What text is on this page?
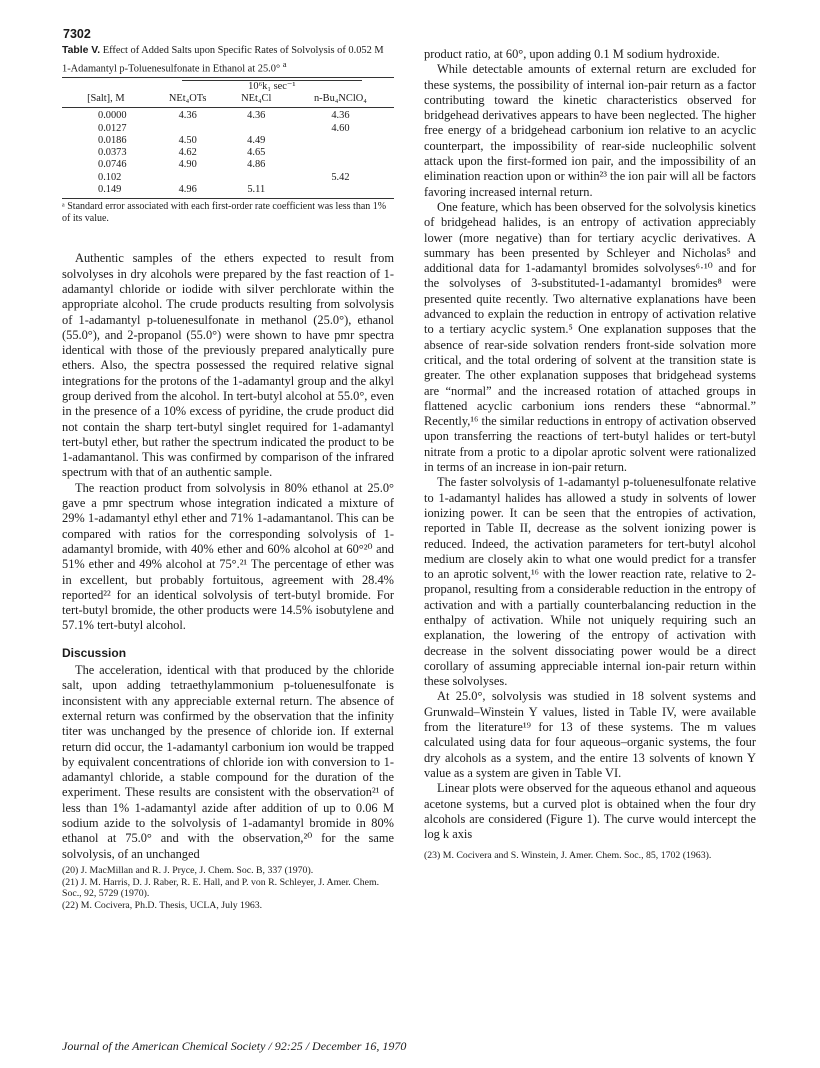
7302
Table V. Effect of Added Salts upon Specific Rates of Solvolysis of 0.052 M 1-Adamantyl p-Toluenesulfonate in Ethanol at 25.0° $^a$
	10⁶k₁ sec⁻¹		
[Salt], M	NEt₄OTs	NEt₄Cl	n-Bu₄NClO₄
0.0000	4.36	4.36	4.36
0.0127			4.60
0.0186	4.50	4.49	
0.0373	4.62	4.65	
0.0746	4.90	4.86	
0.102			5.42
0.149	4.96	5.11	
ᵃ Standard error associated with each first-order rate coefficient was less than 1% of its value.

Authentic samples of the ethers expected to result from solvolyses in dry alcohols were prepared by the fast reaction of 1-adamantyl chloride or iodide with silver perchlorate within the appropriate alcohol. The crude products resulting from solvolysis of 1-adamantyl p-toluenesulfonate in methanol (25.0°), ethanol (55.0°), and 2-propanol (55.0°) were shown to have pmr spectra identical with those of the previously prepared analytically pure ethers. Also, the spectra possessed the required relative signal integrations for the protons of the 1-adamantyl group and the alkyl group derived from the alcohol. In tert-butyl alcohol at 55.0°, even in the presence of a 10% excess of pyridine, the crude product did not contain the sharp tert-butyl singlet required for 1-adamantyl tert-butyl ether, but rather the spectrum indicated the product to be 1-adamantanol. This was confirmed by comparison of the infrared spectrum with that of an authentic sample.

The reaction product from solvolysis in 80% ethanol at 25.0° gave a pmr spectrum whose integration indicated a mixture of 29% 1-adamantyl ethyl ether and 71% 1-adamantanol. This can be compared with ratios for the corresponding solvolysis of 1-adamantyl bromide, with 40% ether and 60% alcohol at 60°²⁰ and 51% ether and 49% alcohol at 75°.²¹ The percentage of ether was in excellent, but probably fortuitous, agreement with 28.4% reported²² for an identical solvolysis of tert-butyl bromide. For tert-butyl bromide, the other products were 14.5% isobutylene and 57.1% tert-butyl alcohol.

Discussion

The acceleration, identical with that produced by the chloride salt, upon adding tetraethylammonium p-toluenesulfonate is inconsistent with any appreciable external return. The absence of external return was confirmed by the observation that the infinity titer was unchanged by the presence of chloride ion. If external return did occur, the 1-adamantyl carbonium ion would be trapped by equivalent concentrations of chloride ion with conversion to 1-adamantyl chloride, a stable compound for the duration of the experiment. These results are consistent with the observation²¹ of less than 1% 1-adamantyl azide after addition of up to 0.06 M sodium azide to the solvolysis of 1-adamantyl bromide in 80% ethanol at 75.0° and with the observation,²⁰ for the same solvolysis, of an unchanged

(20) J. MacMillan and R. J. Pryce, J. Chem. Soc. B, 337 (1970).
(21) J. M. Harris, D. J. Raber, R. E. Hall, and P. von R. Schleyer, J. Amer. Chem. Soc., 92, 5729 (1970).
(22) M. Cocivera, Ph.D. Thesis, UCLA, July 1963.

product ratio, at 60°, upon adding 0.1 M sodium hydroxide.

While detectable amounts of external return are excluded for these systems, the possibility of internal ion-pair return as a factor contributing toward the kinetic characteristics observed for bridgehead derivatives appears to have been neglected. The higher free energy of a bridgehead carbonium ion relative to an acyclic counterpart, the impossibility of rear-side nucleophilic solvent attack upon the first-formed ion pair, and the impossibility of an elimination reaction upon or within²³ the ion pair will all be factors favoring increased internal return.

One feature, which has been observed for the solvolysis kinetics of bridgehead halides, is an entropy of activation appreciably lower (more negative) than for tertiary acyclic derivatives. A summary has been presented by Schleyer and Nicholas⁵ and additional data for 1-adamantyl bromides solvolyses⁶·¹⁰ and for the solvolyses of 3-substituted-1-adamantyl bromides⁸ were presented quite recently. Two alternative explanations have been advanced to explain the reduction in entropy of activation relative to a tertiary acyclic system.⁵ One explanation supposes that the absence of rear-side solvation renders front-side solvation more critical, and the total ordering of solvent at the transition state is greater. The other explanation supposes that bridgehead systems are “normal” and the increased rotation of attached groups in flattened acyclic carbonium ions renders these “abnormal.” Recently,¹⁶ the similar reductions in entropy of activation observed upon transferring the reactions of tert-butyl halides or tert-butyl nitrate from a protic to a dipolar aprotic solvent were rationalized in terms of an increase in ion-pair return.

The faster solvolysis of 1-adamantyl p-toluenesulfonate relative to 1-adamantyl halides has allowed a study in solvents of lower ionizing power. It can be seen that the entropies of activation, reported in Table II, decrease as the solvent ionizing power is reduced. Indeed, the activation parameters for tert-butyl alcohol medium are closely akin to what one would predict for a transfer to an aprotic solvent,¹⁶ with the lower reaction rate, relative to 2-propanol, resulting from a considerable reduction in the entropy of activation and with a partially counterbalancing reduction in the enthalpy of activation. While not uniquely requiring such an explanation, the lowering of the entropy of activation with decrease in the solvent dissociating power would be a direct corollary of assuming appreciable internal ion-pair return within these solvolyses.

At 25.0°, solvolysis was studied in 18 solvent systems and Grunwald–Winstein Y values, listed in Table IV, were available from the literature¹⁹ for 13 of these systems. The m values calculated using data for four aqueous–organic systems, the four dry alcohols as a system, and the entire 13 solvents of known Y value as a system are given in Table VI.

Linear plots were observed for the aqueous ethanol and aqueous acetone systems, but a curved plot is obtained when the four dry alcohols are considered (Figure 1). The curve would intercept the log k axis

(23) M. Cocivera and S. Winstein, J. Amer. Chem. Soc., 85, 1702 (1963).
Journal of the American Chemical Society / 92:25 / December 16, 1970
